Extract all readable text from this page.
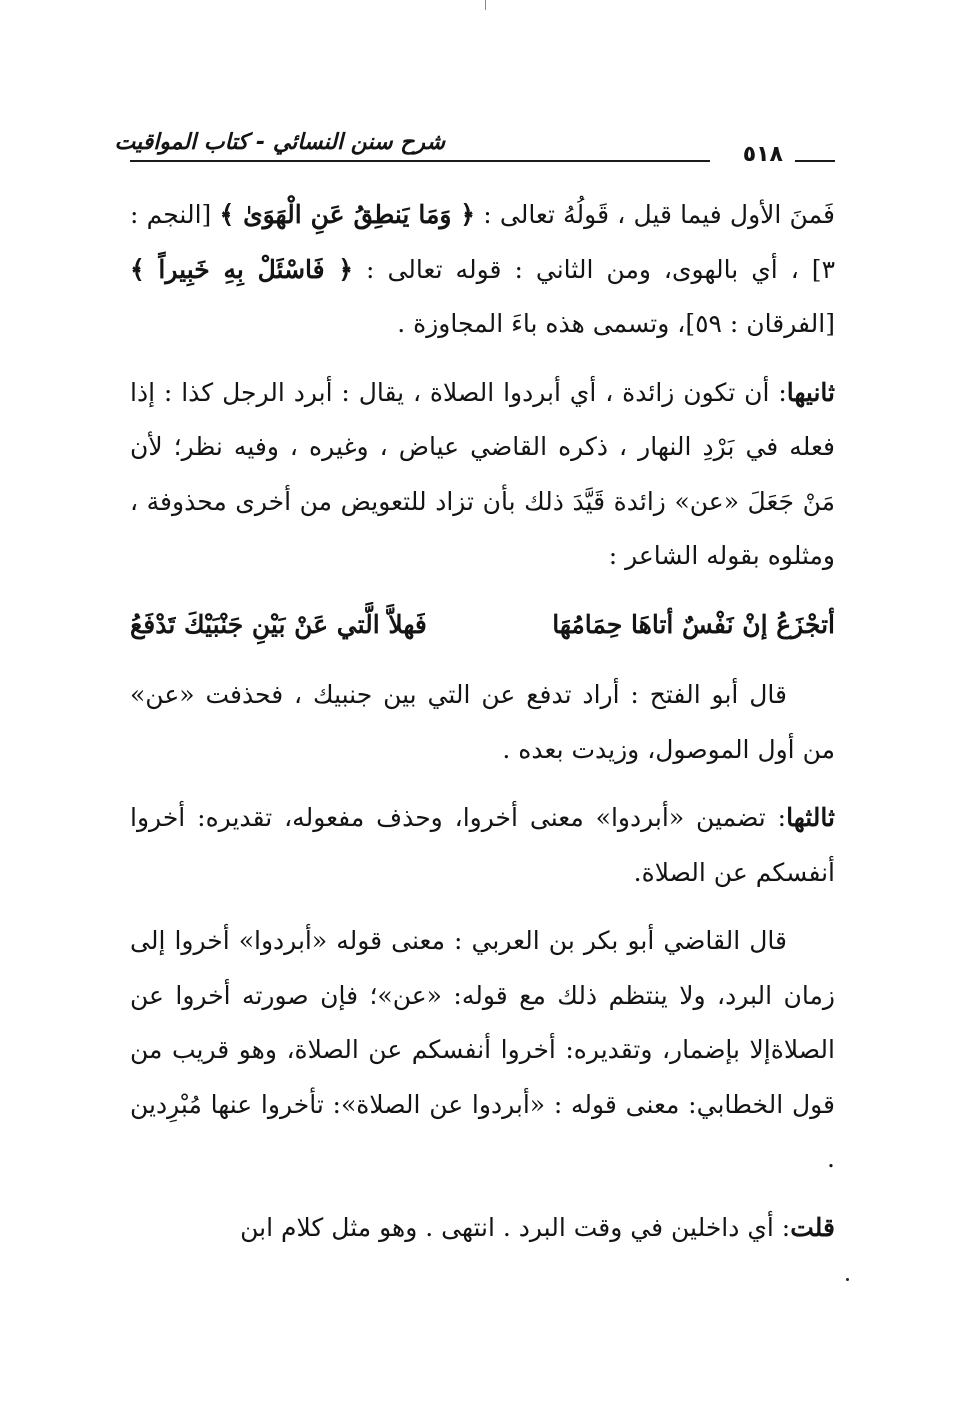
شرح سنن النسائي - كتاب المواقيت	٥١٨

فَمنَ الأول فيما قيل ، قَولُهُ تعالى : ﴿ وَمَا يَنطِقُ عَنِ الْهَوَىٰ ﴾ [النجم : ٣] ، أي بالهوى، ومن الثاني : قوله تعالى : ﴿ فَاسْئَلْ بِهِ خَبِيراً ﴾ [الفرقان : ٥٩]، وتسمى هذه باءَ المجاوزة .

ثانيها: أن تكون زائدة ، أي أبردوا الصلاة ، يقال : أبرد الرجل كذا : إذا فعله في بَرْدِ النهار ، ذكره القاضي عياض ، وغيره ، وفيه نظر؛ لأن مَنْ جَعَلَ «عن» زائدة قَيَّدَ ذلك بأن تزاد للتعويض من أخرى محذوفة ، ومثلوه بقوله الشاعر :

أتجْزَعُ إنْ نَفْسٌ أتاهَا حِمَامُهَا
فَهلاَّ الَّتي عَنْ بَيْنِ جَنْبَيْكَ تَدْفَعُ

قال أبو الفتح : أراد تدفع عن التي بين جنبيك ، فحذفت «عن» من أول الموصول، وزيدت بعده .

ثالثها: تضمين «أبردوا» معنى أخروا، وحذف مفعوله، تقديره: أخروا أنفسكم عن الصلاة.

قال القاضي أبو بكر بن العربي : معنى قوله «أبردوا» أخروا إلى زمان البرد، ولا ينتظم ذلك مع قوله: «عن»؛ فإن صورته أخروا عن الصلاةإلا بإضمار، وتقديره: أخروا أنفسكم عن الصلاة، وهو قريب من قول الخطابي: معنى قوله : «أبردوا عن الصلاة»: تأخروا عنها مُبْرِدين .

قلت: أي داخلين في وقت البرد . انتهى . وهو مثل كلام ابن
